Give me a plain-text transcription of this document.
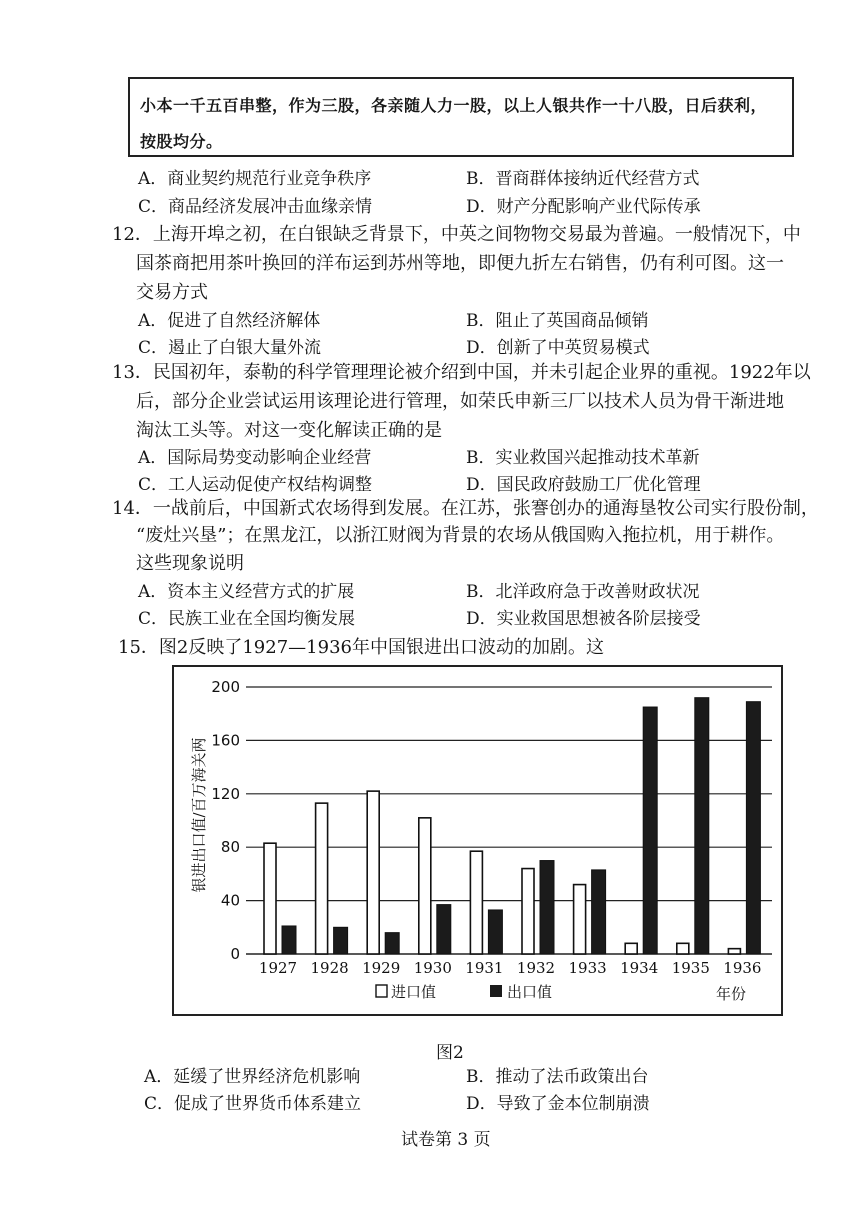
小本一千五百串整，作为三股，各亲随人力一股，以上人银共作一十八股，日后获利，
按股均分。
A．商业契约规范行业竞争秩序	B．晋商群体接纳近代经营方式
C．商品经济发展冲击血缘亲情	D．财产分配影响产业代际传承
12．上海开埠之初，在白银缺乏背景下，中英之间物物交易最为普遍。一般情况下，中
国茶商把用茶叶换回的洋布运到苏州等地，即便九折左右销售，仍有利可图。这一
交易方式
A．促进了自然经济解体	B．阻止了英国商品倾销
C．遏止了白银大量外流	D．创新了中英贸易模式
13．民国初年，泰勒的科学管理理论被介绍到中国，并未引起企业界的重视。1922年以
后，部分企业尝试运用该理论进行管理，如荣氏申新三厂以技术人员为骨干渐进地
淘汰工头等。对这一变化解读正确的是
A．国际局势变动影响企业经营	B．实业救国兴起推动技术革新
C．工人运动促使产权结构调整	D．国民政府鼓励工厂优化管理
14．一战前后，中国新式农场得到发展。在江苏，张謇创办的通海垦牧公司实行股份制，
“废灶兴垦”；在黑龙江，以浙江财阀为背景的农场从俄国购入拖拉机，用于耕作。
这些现象说明
A．资本主义经营方式的扩展	B．北洋政府急于改善财政状况
C．民族工业在全国均衡发展	D．实业救国思想被各阶层接受
15．图2反映了1927—1936年中国银进出口波动的加剧。这
0
40
80
120
160
200
银进出口值/百万海关两
1927 1928 1929 1930 1931 1932 1933 1934 1935 1936
进口值	出口值	年份
图2
A．延缓了世界经济危机影响	B．推动了法币政策出台
C．促成了世界货币体系建立	D．导致了金本位制崩溃
试卷第 3 页
